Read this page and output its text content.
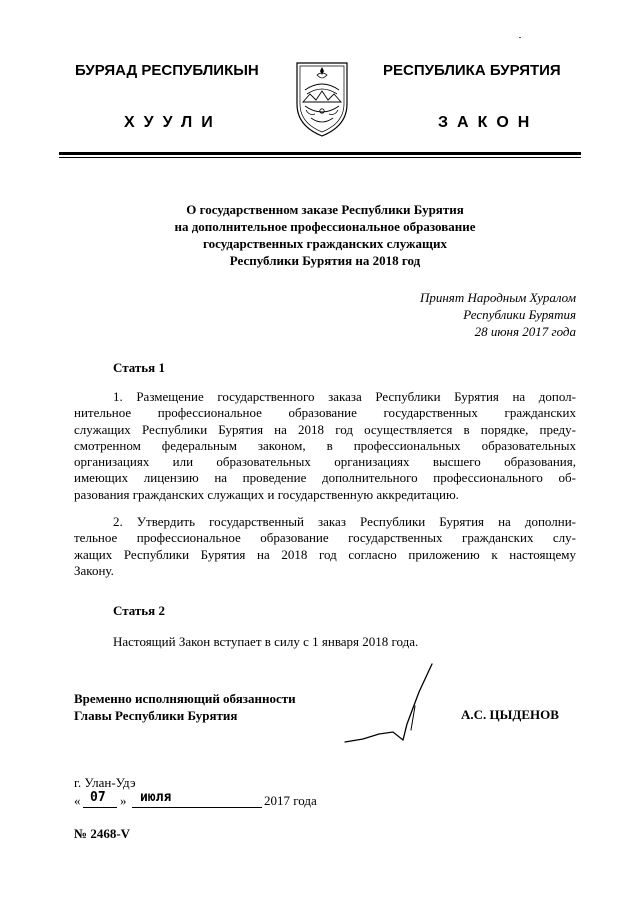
БУРЯАД РЕСПУБЛИКЫН
ХУУЛИ
РЕСПУБЛИКА БУРЯТИЯ
ЗАКОН
О государственном заказе Республики Бурятия
на дополнительное профессиональное образование
государственных гражданских служащих
Республики Бурятия на 2018 год

Принят Народным Хуралом
Республики Бурятия
28 июня 2017 года

Статья 1

1. Размещение государственного заказа Республики Бурятия на допол-
нительное профессиональное образование государственных гражданских
служащих Республики Бурятия на 2018 год осуществляется в порядке, преду-
смотренном федеральным законом, в профессиональных образовательных
организациях или образовательных организациях высшего образования,
имеющих лицензию на проведение дополнительного профессионального об-
разования гражданских служащих и государственную аккредитацию.

2. Утвердить государственный заказ Республики Бурятия на дополни-
тельное профессиональное образование государственных гражданских слу-
жащих Республики Бурятия на 2018 год согласно приложению к настоящему
Закону.

Статья 2

Настоящий Закон вступает в силу с 1 января 2018 года.

Временно исполняющий обязанности
Главы Республики Бурятия	А.С. ЦЫДЕНОВ

г. Улан-Удэ

« 07 » июля	2017 года

№ 2468-V
